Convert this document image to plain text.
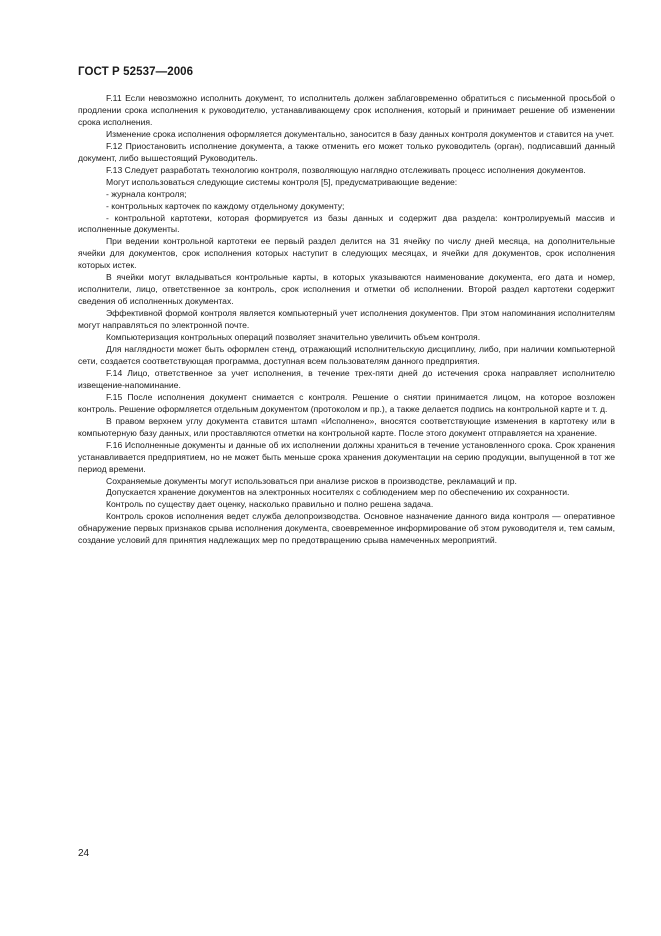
ГОСТ Р 52537—2006

F.11 Если невозможно исполнить документ, то исполнитель должен заблаговременно обратиться с письменной просьбой о продлении срока исполнения к руководителю, устанавливающему срок исполнения, который и принимает решение об изменении срока исполнения.

Изменение срока исполнения оформляется документально, заносится в базу данных контроля документов и ставится на учет.

F.12 Приостановить исполнение документа, а также отменить его может только руководитель (орган), подписавший данный документ, либо вышестоящий Руководитель.

F.13 Следует разработать технологию контроля, позволяющую наглядно отслеживать процесс исполнения документов.

Могут использоваться следующие системы контроля [5], предусматривающие ведение:

- журнала контроля;

- контрольных карточек по каждому отдельному документу;

- контрольной картотеки, которая формируется из базы данных и содержит два раздела: контролируемый массив и исполненные документы.

При ведении контрольной картотеки ее первый раздел делится на 31 ячейку по числу дней месяца, на дополнительные ячейки для документов, срок исполнения которых наступит в следующих месяцах, и ячейки для документов, срок исполнения которых истек.

В ячейки могут вкладываться контрольные карты, в которых указываются наименование документа, его дата и номер, исполнители, лицо, ответственное за контроль, срок исполнения и отметки об исполнении. Второй раздел картотеки содержит сведения об исполненных документах.

Эффективной формой контроля является компьютерный учет исполнения документов. При этом напоминания исполнителям могут направляться по электронной почте.

Компьютеризация контрольных операций позволяет значительно увеличить объем контроля.

Для наглядности может быть оформлен стенд, отражающий исполнительскую дисциплину, либо, при наличии компьютерной сети, создается соответствующая программа, доступная всем пользователям данного предприятия.

F.14 Лицо, ответственное за учет исполнения, в течение трех-пяти дней до истечения срока направляет исполнителю извещение-напоминание.

F.15 После исполнения документ снимается с контроля. Решение о снятии принимается лицом, на которое возложен контроль. Решение оформляется отдельным документом (протоколом и пр.), а также делается подпись на контрольной карте и т. д.

В правом верхнем углу документа ставится штамп «Исполнено», вносятся соответствующие изменения в картотеку или в компьютерную базу данных, или проставляются отметки на контрольной карте. После этого документ отправляется на хранение.

F.16 Исполненные документы и данные об их исполнении должны храниться в течение установленного срока. Срок хранения устанавливается предприятием, но не может быть меньше срока хранения документации на серию продукции, выпущенной в тот же период времени.

Сохраняемые документы могут использоваться при анализе рисков в производстве, рекламаций и пр.

Допускается хранение документов на электронных носителях с соблюдением мер по обеспечению их сохранности.

Контроль по существу дает оценку, насколько правильно и полно решена задача.

Контроль сроков исполнения ведет служба делопроизводства. Основное назначение данного вида контроля — оперативное обнаружение первых признаков срыва исполнения документа, своевременное информирование об этом руководителя и, тем самым, создание условий для принятия надлежащих мер по предотвращению срыва намеченных мероприятий.

24
